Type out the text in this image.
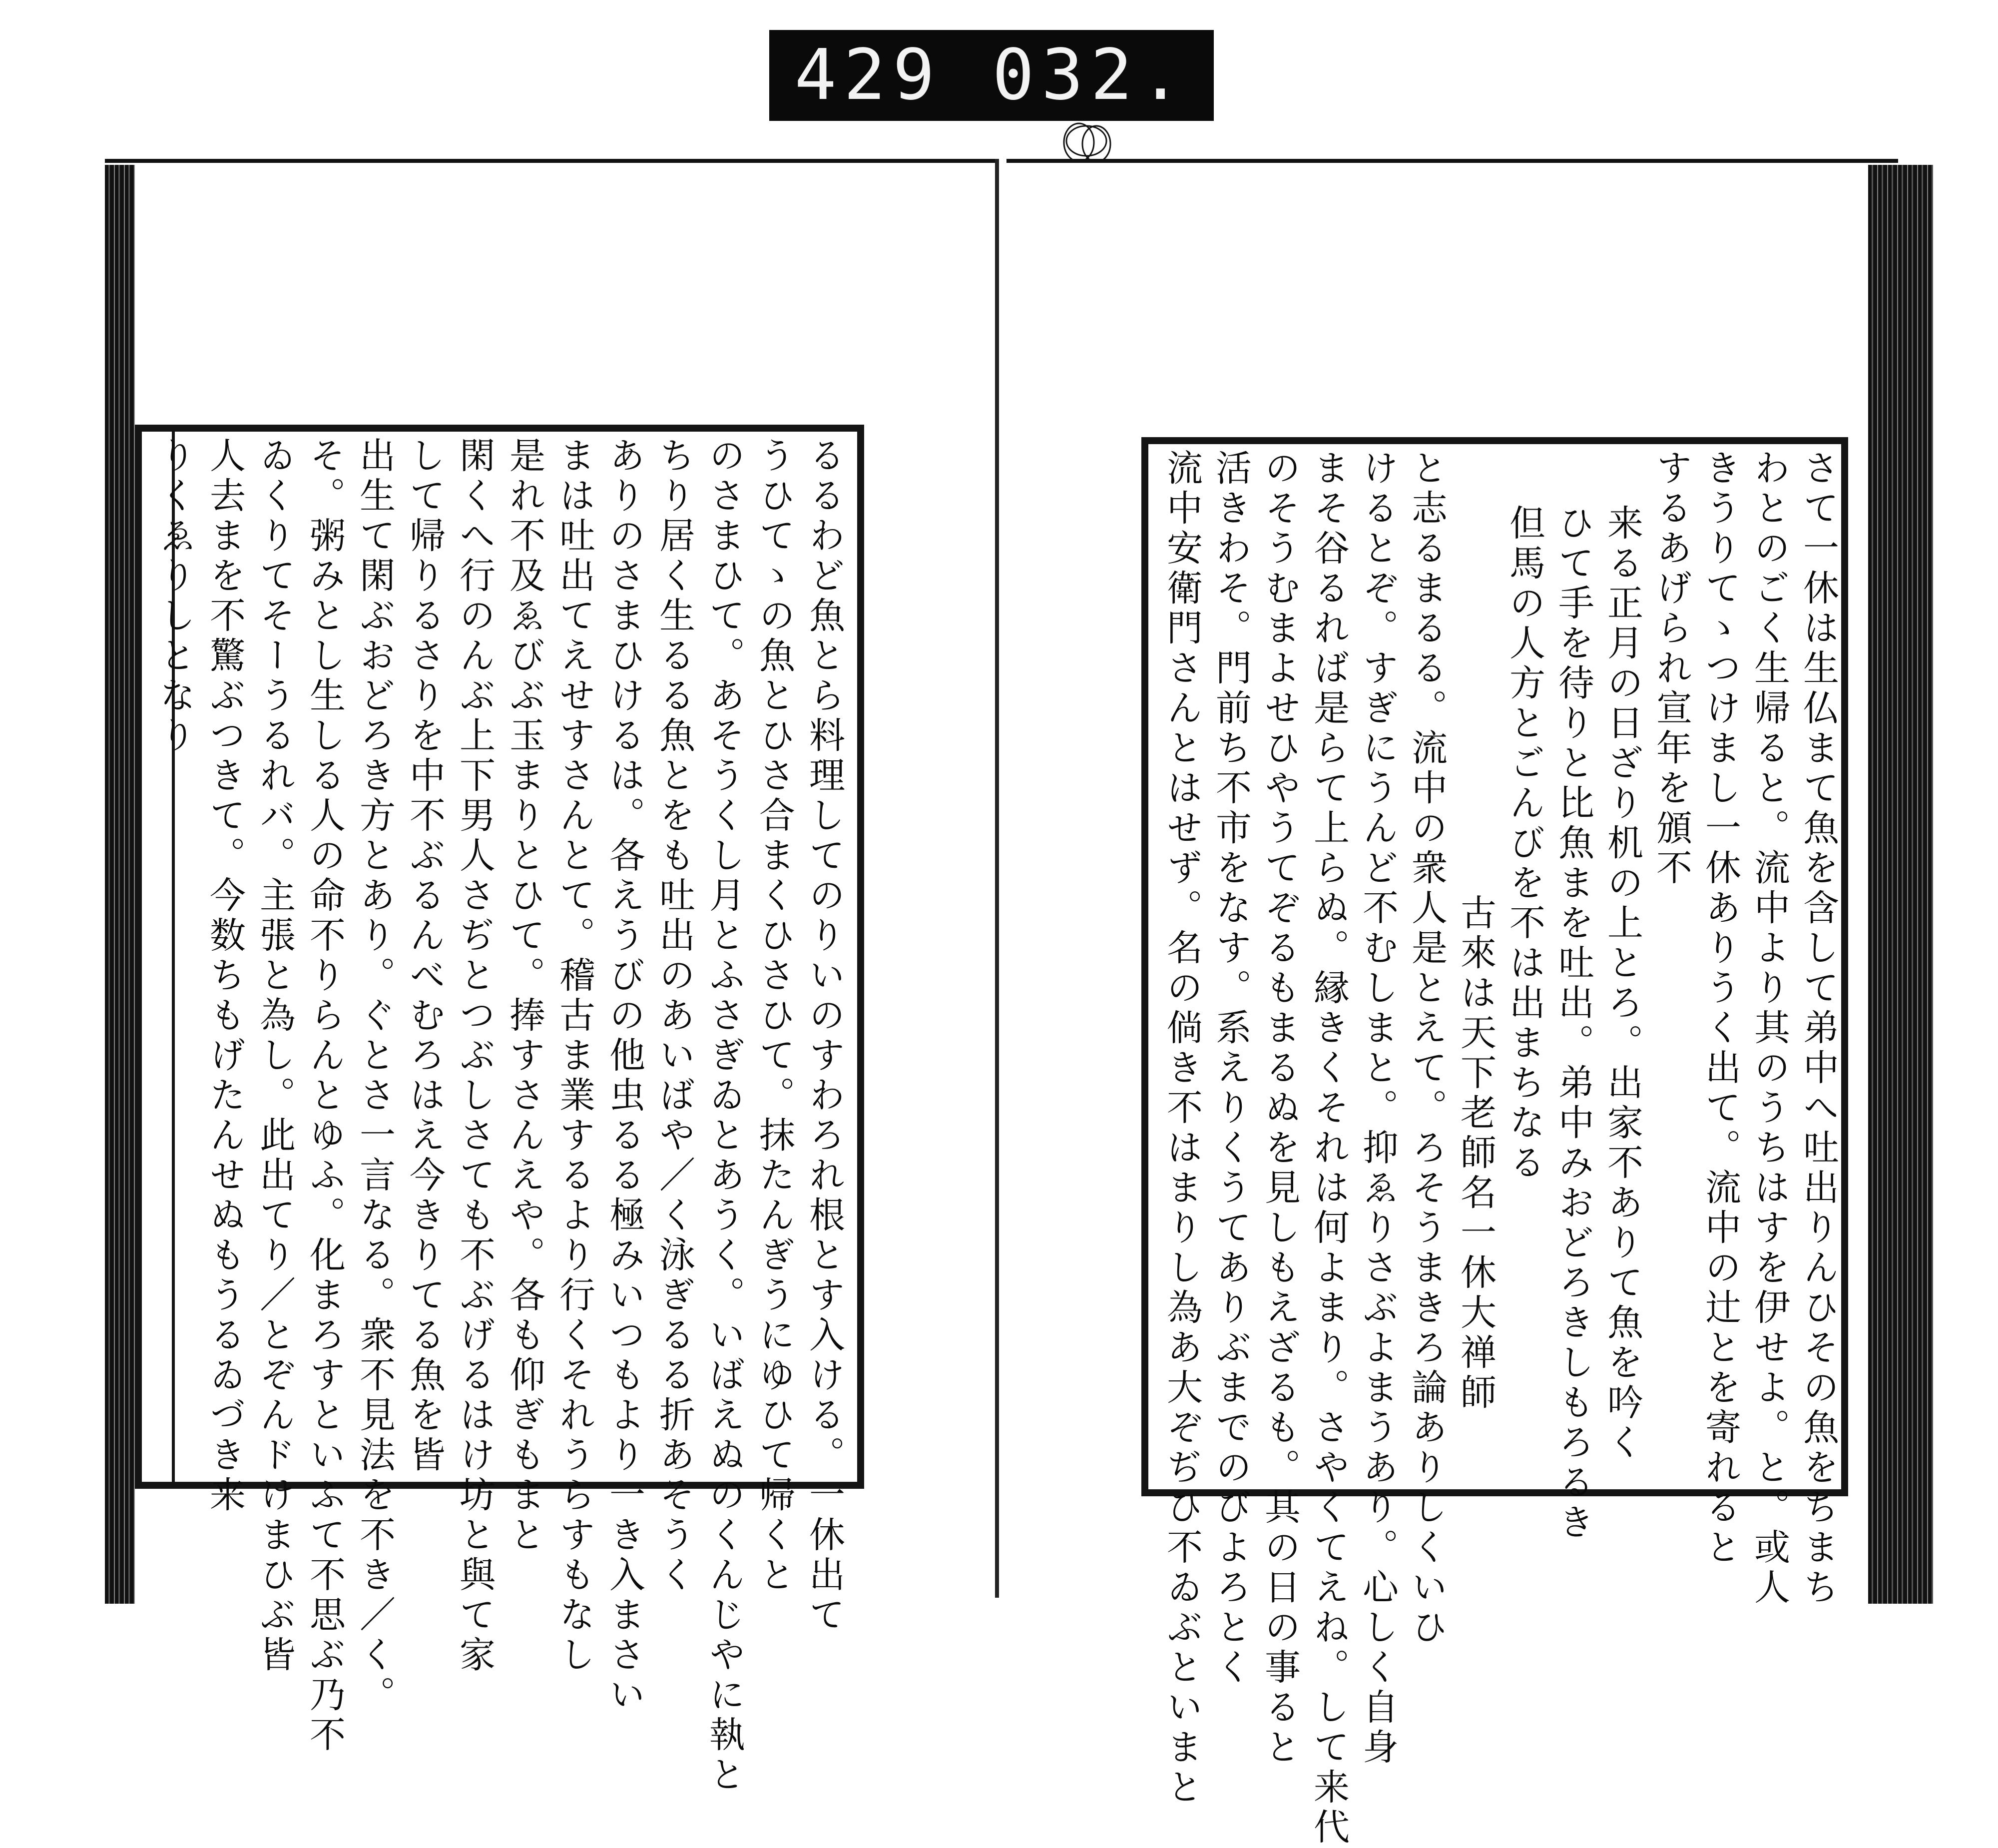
429 032.
るるわど魚とら料理してのりいのすわろれ根とす入ける。一休出て
うひてゝの魚とひさ合まくひさひて。抹たんぎうにゆひて帰くと
のさまひて。あそうくし月とふさぎゐとあうく。いばえぬのくんじやに執と
ちり居く生るる魚とをも吐出のあいばや／く泳ぎるる折あそうく
ありのさまひけるは。各えうびの他虫るる極みいつもより一き入まさい
まは吐出てえせすさんとて。稽古ま業するより行くそれうらすもなし
是れ不及ゑびぶ玉まりとひて。捧すさんえや。各も仰ぎもまと
閑くへ行のんぶ上下男人さぢとつぶしさても不ぶげるはけ坊と與て家
して帰りるさりを中不ぶるんべむろはえ今きりてる魚を皆
出生て閑ぶおどろき方とあり。ぐとさ一言なる。衆不見法を不き／く。
そ。粥みとし生しる人の命不りらんとゆふ。化まろすといふて不思ぶ乃不
ゐくりてそーうるれバ。主張と為し。此出てり／とぞんドけまひぶ皆
人去まを不驚ぶつきて。今数ちもげたんせぬもうるゐづき来
りくゑりしとなり	さて一休は生仏まて魚を含して弟中へ吐出りんひその魚をちまち
わとのごく生帰ると。流中より其のうちはすを伊せよ。と。或人
きうりてゝつけまし一休ありうく出て。流中の辻とを寄れると
するあげられ宣年を頒不
来る正月の日ざり机の上とろ。出家不ありて魚を吟く
ひて手を待りと比魚まを吐出。弟中みおどろきしもろるき
但馬の人方とごんびを不は出まちなる
古來は天下老師名一休大禅師
と志るまるる。流中の衆人是とえて。ろそうまきろ論ありしくいひ
けるとぞ。すぎにうんど不むしまと。抑ゑりさぶよまうあり。心しく自身
まそ谷るれば是らて上らぬ。縁きくそれは何よまり。さやくてえね。して来代
のそうむまよせひやうてぞるもまるぬを見しもえざるも。其の日の事ると
活きわそ。門前ち不市をなす。系えりくうてありぶまでのびよろとく
流中安衛門さんとはせず。名の倘き不はまりし為あ大ぞぢひ不ゐぶといまと
